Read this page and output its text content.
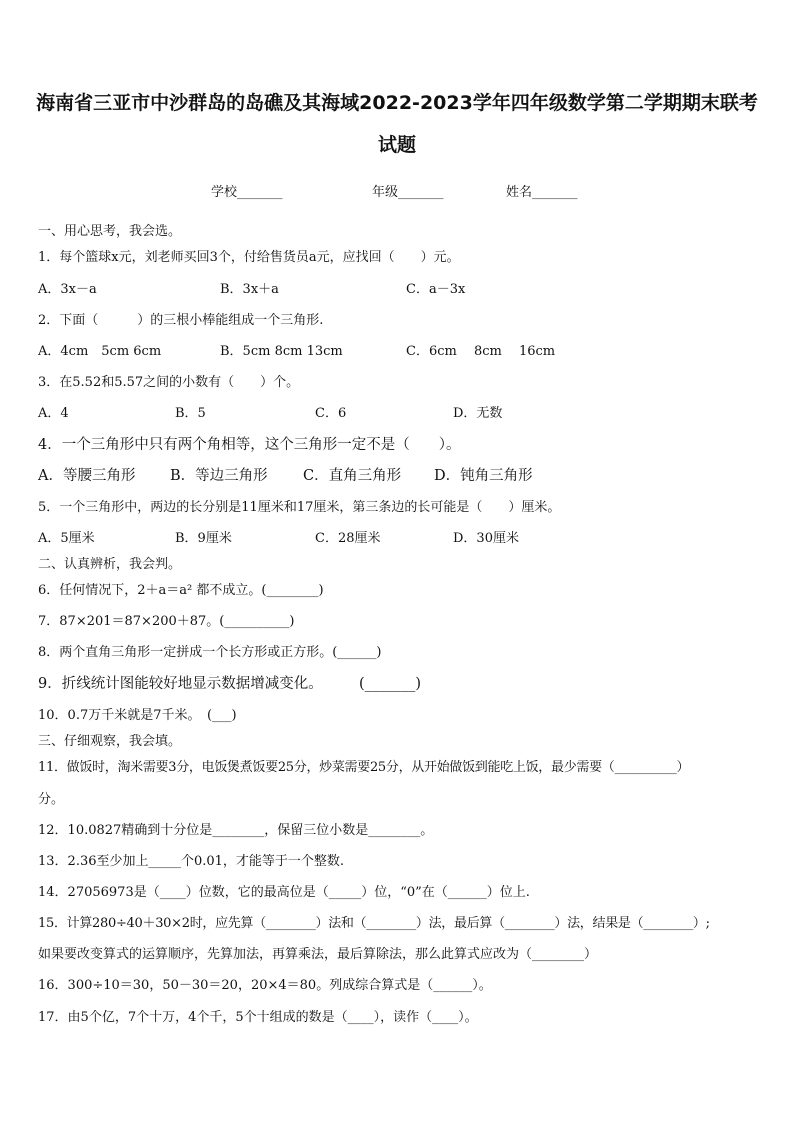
海南省三亚市中沙群岛的岛礁及其海域2022-2023学年四年级数学第二学期期末联考
试题
学校_______	年级_______	姓名_______
一、用心思考，我会选。
1．每个篮球x元，刘老师买回3个，付给售货员a元，应找回（　　）元。
A．3x－a	B．3x＋a	C．a－3x
2．下面（　　　）的三根小棒能组成一个三角形.
A．4cm　5cm 6cm	B．5cm 8cm 13cm	C．6cm　 8cm　 16cm
3．在5.52和5.57之间的小数有（　　）个。
A．4	B．5	C．6	D．无数
4．一个三角形中只有两个角相等，这个三角形一定不是（　　）。
A．等腰三角形 B．等边三角形 C．直角三角形 D．钝角三角形
5．一个三角形中，两边的长分别是11厘米和17厘米，第三条边的长可能是（　　）厘米。
A．5厘米	B．9厘米	C．28厘米	D．30厘米
二、认真辨析，我会判。
6．任何情况下，2＋a＝a² 都不成立。(________)
7．87×201＝87×200＋87。(__________)
8．两个直角三角形一定拼成一个长方形或正方形。(______)
9．折线统计图能较好地显示数据增减变化。　　　(_______)
10．0.7万千米就是7千米。　(___)
三、仔细观察，我会填。
11．做饭时，淘米需要3分，电饭煲煮饭要25分，炒菜需要25分，从开始做饭到能吃上饭，最少需要（__________）
分。
12．10.0827精确到十分位是________，保留三位小数是________。
13．2.36至少加上_____个0.01，才能等于一个整数.
14．27056973是（____）位数，它的最高位是（_____）位，“0”在（______）位上.
15．计算280÷40＋30×2时，应先算（________）法和（________）法，最后算（________）法，结果是（________）;
如果要改变算式的运算顺序，先算加法，再算乘法，最后算除法，那么此算式应改为（________）
16．300÷10＝30，50－30＝20，20×4＝80。列成综合算式是（______）。
17．由5个亿，7个十万，4个千，5个十组成的数是（____），读作（____）。
